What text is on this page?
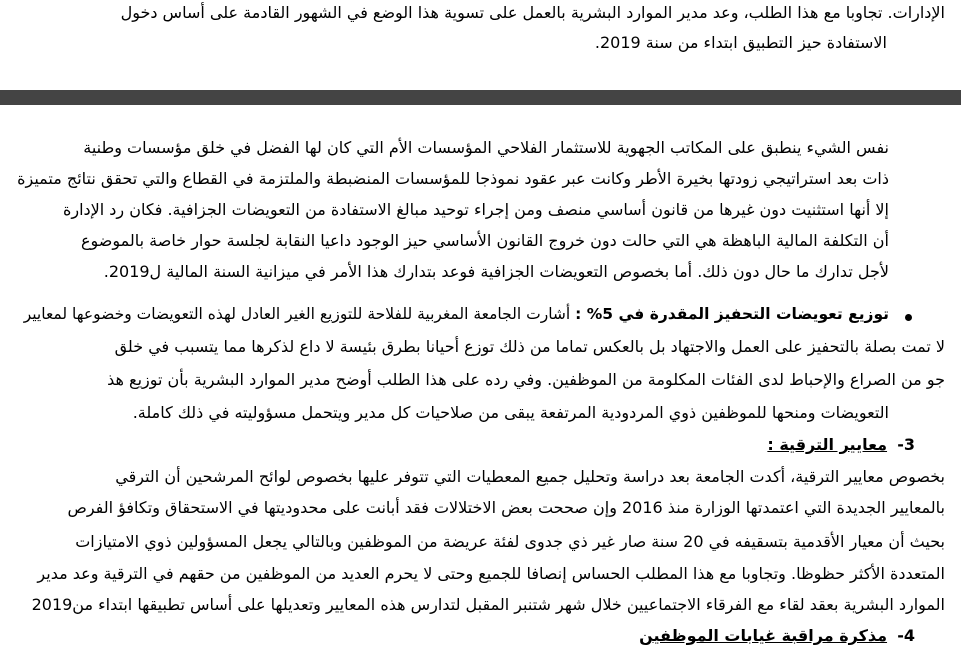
الإدارات. تجاوبا مع هذا الطلب، وعد مدير الموارد البشرية بالعمل على تسوية هذا الوضع في الشهور القادمة على أساس دخول

الاستفادة حيز التطبيق ابتداء من سنة 2019.

نفس الشيء ينطبق على المكاتب الجهوية للاستثمار الفلاحي المؤسسات الأم التي كان لها الفضل في خلق مؤسسات وطنية

ذات بعد استراتيجي زودتها بخيرة الأطر وكانت عبر عقود نموذجا للمؤسسات المنضبطة والملتزمة في القطاع والتي تحقق نتائج متميزة

إلا أنها استثنيت دون غيرها من قانون أساسي منصف ومن إجراء توحيد مبالغ الاستفادة من التعويضات الجزافية. فكان رد الإدارة

أن التكلفة المالية الباهظة هي التي حالت دون خروج القانون الأساسي حيز الوجود داعيا النقابة لجلسة حوار خاصة بالموضوع

لأجل تدارك ما حال دون ذلك. أما بخصوص التعويضات الجزافية فوعد بتدارك هذا الأمر في ميزانية السنة المالية ل2019.

توزيع تعويضات التحفيز المقدرة في 5% : أشارت الجامعة المغربية للفلاحة للتوزيع الغير العادل لهذه التعويضات وخضوعها لمعايير

لا تمت بصلة بالتحفيز على العمل والاجتهاد بل بالعكس تماما من ذلك توزع أحيانا بطرق بئيسة لا داع لذكرها مما يتسبب في خلق

جو من الصراع والإحباط لدى الفئات المكلومة من الموظفين. وفي رده على هذا الطلب أوضح مدير الموارد البشرية بأن توزيع هذ

التعويضات ومنحها للموظفين ذوي المردودية المرتفعة يبقى من صلاحيات كل مدير ويتحمل مسؤوليته في ذلك كاملة.

3-  معايير الترقية :

بخصوص معايير الترقية، أكدت الجامعة بعد دراسة وتحليل جميع المعطيات التي تتوفر عليها بخصوص لوائح المرشحين أن الترقي

بالمعايير الجديدة التي اعتمدتها الوزارة منذ 2016 وإن صححت بعض الاختلالات فقد أبانت على محدوديتها في الاستحقاق وتكافؤ الفرص

بحيث أن معيار الأقدمية بتسقيفه في 20 سنة صار غير ذي جدوى لفئة عريضة من الموظفين وبالتالي يجعل المسؤولين ذوي الامتيازات

المتعددة الأكثر حظوظا. وتجاوبا مع هذا المطلب الحساس إنصافا للجميع وحتى لا يحرم العديد من الموظفين من حقهم في الترقية وعد مدير

الموارد البشرية بعقد لقاء مع الفرقاء الاجتماعيين خلال شهر شتنبر المقبل لتدارس هذه المعايير وتعديلها على أساس تطبيقها ابتداء من2019

4-  مذكرة مراقبة غيابات الموظفين
